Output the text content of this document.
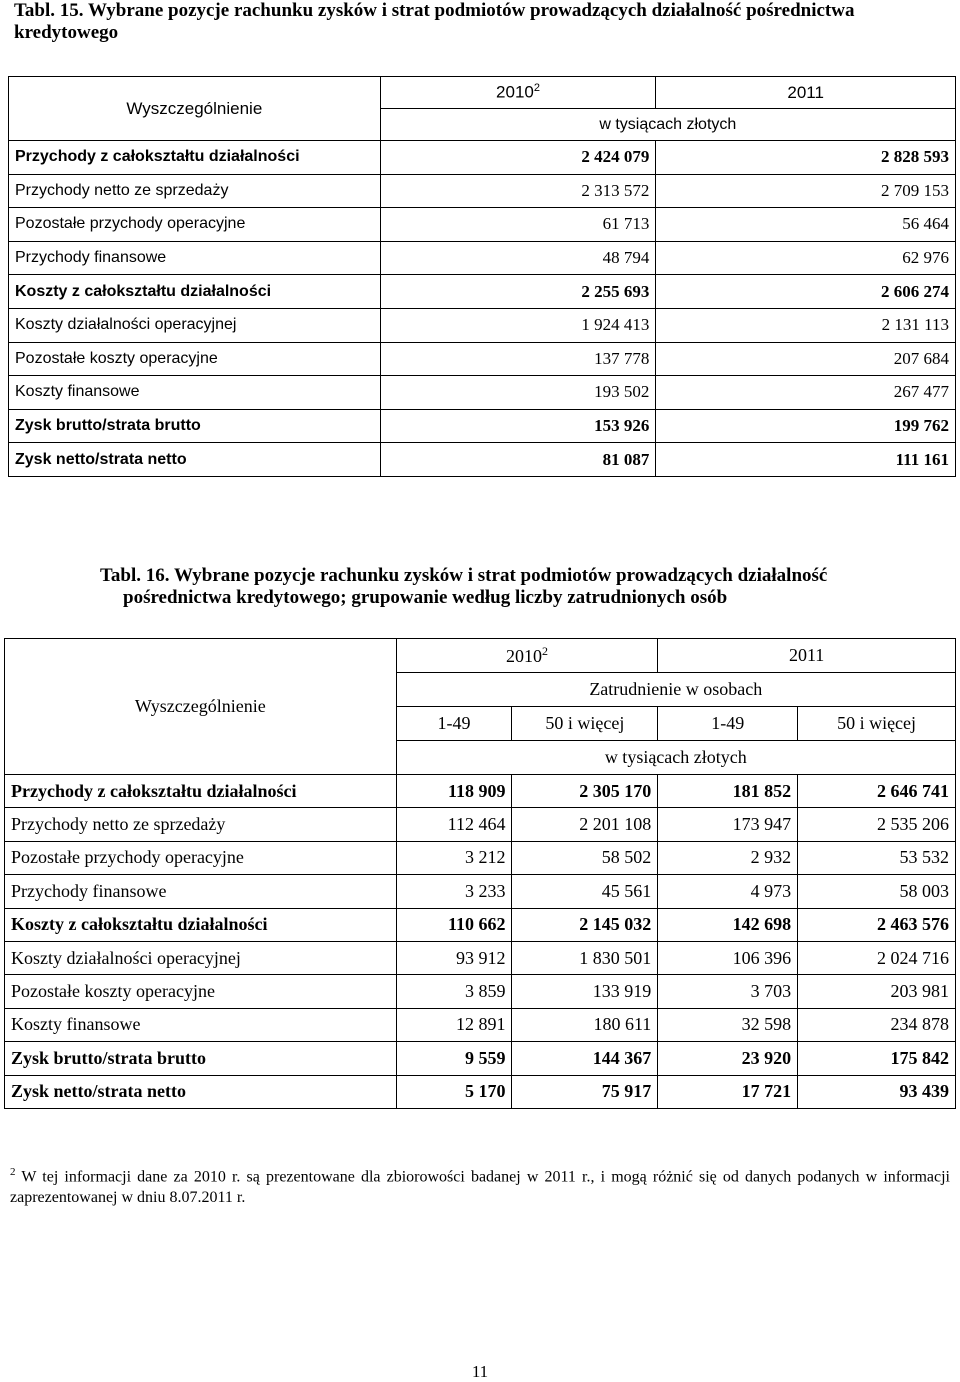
Tabl. 15. Wybrane pozycje rachunku zysków i strat podmiotów prowadzących działalność pośrednictwa kredytowego
Wyszczególnienie	2010$^2$	2011
	w tysiącach złotych	
Przychody z całokształtu działalności	2 424 079	2 828 593
Przychody netto ze sprzedaży	2 313 572	2 709 153
Pozostałe przychody operacyjne	61 713	56 464
Przychody finansowe	48 794	62 976
Koszty z całokształtu działalności	2 255 693	2 606 274
Koszty działalności operacyjnej	1 924 413	2 131 113
Pozostałe koszty operacyjne	137 778	207 684
Koszty finansowe	193 502	267 477
Zysk brutto/strata brutto	153 926	199 762
Zysk netto/strata netto	81 087	111 161
Tabl. 16. Wybrane pozycje rachunku zysków i strat podmiotów prowadzących działalność
pośrednictwa kredytowego; grupowanie według liczby zatrudnionych osób
Wyszczególnienie	2010$^2$		2011	
	Zatrudnienie w osobach			
	1-49	50 i więcej	1-49	50 i więcej
	w tysiącach złotych			
Przychody z całokształtu działalności	118 909	2 305 170	181 852	2 646 741
Przychody netto ze sprzedaży	112 464	2 201 108	173 947	2 535 206
Pozostałe przychody operacyjne	3 212	58 502	2 932	53 532
Przychody finansowe	3 233	45 561	4 973	58 003
Koszty z całokształtu działalności	110 662	2 145 032	142 698	2 463 576
Koszty działalności operacyjnej	93 912	1 830 501	106 396	2 024 716
Pozostałe koszty operacyjne	3 859	133 919	3 703	203 981
Koszty finansowe	12 891	180 611	32 598	234 878
Zysk brutto/strata brutto	9 559	144 367	23 920	175 842
Zysk netto/strata netto	5 170	75 917	17 721	93 439
$^2$ W tej informacji dane za 2010 r. są prezentowane dla zbiorowości badanej w 2011 r., i mogą różnić się od danych podanych w informacji zaprezentowanej w dniu 8.07.2011 r.
11
